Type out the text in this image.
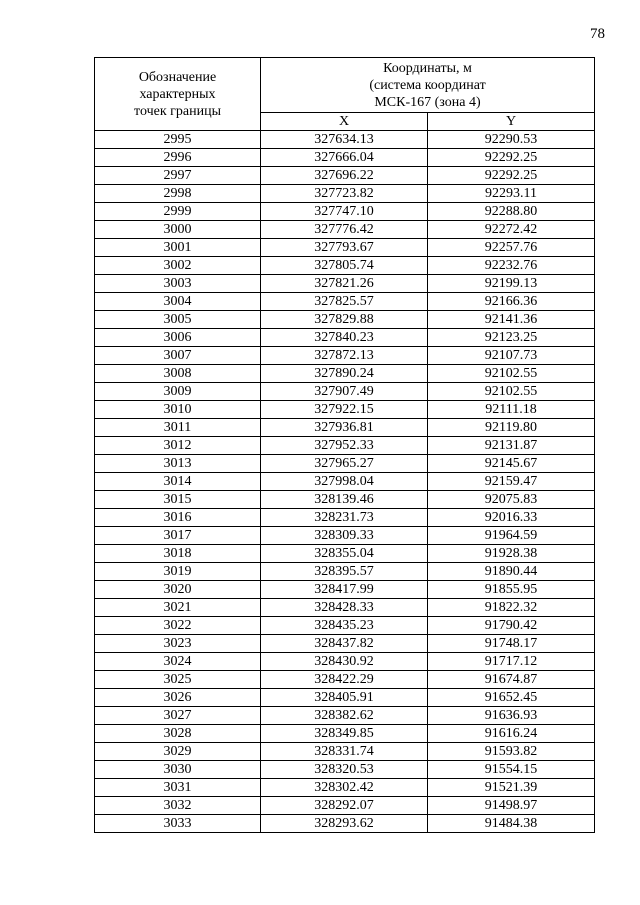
78
Обозначение
характерных
точек границы	Координаты, м
(система координат
МСК-167 (зона 4)	

	X	Y
2995	327634.13	92290.53
2996	327666.04	92292.25
2997	327696.22	92292.25
2998	327723.82	92293.11
2999	327747.10	92288.80
3000	327776.42	92272.42
3001	327793.67	92257.76
3002	327805.74	92232.76
3003	327821.26	92199.13
3004	327825.57	92166.36
3005	327829.88	92141.36
3006	327840.23	92123.25
3007	327872.13	92107.73
3008	327890.24	92102.55
3009	327907.49	92102.55
3010	327922.15	92111.18
3011	327936.81	92119.80
3012	327952.33	92131.87
3013	327965.27	92145.67
3014	327998.04	92159.47
3015	328139.46	92075.83
3016	328231.73	92016.33
3017	328309.33	91964.59
3018	328355.04	91928.38
3019	328395.57	91890.44
3020	328417.99	91855.95
3021	328428.33	91822.32
3022	328435.23	91790.42
3023	328437.82	91748.17
3024	328430.92	91717.12
3025	328422.29	91674.87
3026	328405.91	91652.45
3027	328382.62	91636.93
3028	328349.85	91616.24
3029	328331.74	91593.82
3030	328320.53	91554.15
3031	328302.42	91521.39
3032	328292.07	91498.97
3033	328293.62	91484.38
